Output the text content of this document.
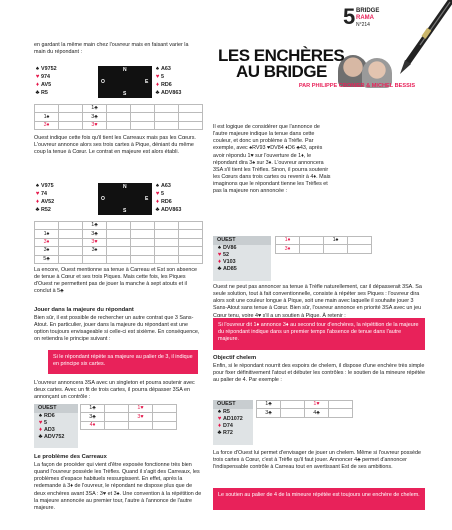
5 BRIDGE
RAMA
N°214
LES ENCHÈRES
AU BRIDGE
PAR PHILIPPE CRONIER & MICHEL BESSIS

en gardant la même main chez l'ouvreur mais en faisant varier la main du répondant :

♠ V9752
♥ 974
♦ AV5
♣ R5
N
O	E
S
♠ A63
♥ 5
♦ RD6
♣ ADV863
		1♣				
1♠		3♣				
3♦		3♥				

Ouest indique cette fois qu'il tient les Carreaux mais pas les Cœurs. L'ouvreur annonce alors ses trois cartes à Pique, déniant du même coup la tenue à Cœur. Le contrat en majeure est alors établi.

♠ V975
♥ 74
♦ AV52
♣ R52
N
O	E
S
♠ A63
♥ 5
♦ RD6
♣ ADV863
		1♣				
1♠		3♣				
3♦		3♥				
3♠		3♠				
5♣						

La encore, Ouest mentionne sa tenue à Carreau et Est son absence de tenue à Cœur et ses trois Piques. Mais cette fois, les Piques d'Ouest ne permettent pas de jouer la manche à sept atouts et il conclut à 5♣

Jouer dans la majeure du répondant

Bien sûr, il est possible de rechercher un autre contrat que 3 Sans-Atout. En particulier, jouer dans la majeure du répondant est une option toujours envisageable si celle-ci est sixième. En conséquence, on retiendra le principe suivant :

Si le répondant répète sa majeure au palier de 3, il indique en principe six cartes.

L'ouvreur annoncera 3SA avec un singleton et pourra soutenir avec deux cartes. Avec un fit de trois cartes, il pourra dépasser 3SA en annonçant un contrôle :

OUEST
♠ RD6
♥ 5
♦ AD3
♣ ADV752
1♣		1♥	
3♣		3♥	
4♦			
Le problème des Carreaux

La façon de procéder qui vient d'être exposée fonctionne très bien quand l'ouvreur possède les Trèfles. Quand il s'agit des Carreaux, les problèmes d'espace habituels ressurgissent. En effet, après la redemande à 3♦ de l'ouvreur, le répondant ne dispose plus que de deux enchères avant 3SA : 3♥ et 3♠. Une convention à la répétition de la majeure annoncée au premier tour, l'autre à l'annonce de l'autre majeure.

Il est logique de considérer que l'annonce de l'autre majeure indique la tenue dans cette couleur, et donc un problème à Trèfle. Par exemple, avec ♠RV93 ♥DV84 ♦D6 ♣43, après avoir répondu 1♥ sur l'ouverture de 1♦, le répondant dira 3♠ sur 3♦. L'ouvreur annoncera 3SA s'il tient les Trèfles. Sinon, il pourra soutenir les Cœurs dans trois cartes ou revenir à 4♦. Mais imaginons que le répondant tienne les Trèfles et pas la majeure non annoncée :

OUEST
♠ DV86
♥ 52
♦ V103
♣ AD85
1♦		1♠	
3♦			

Ouest ne peut pas annoncer sa tenue à Trèfle naturellement, car il dépasserait 3SA. Sa seule solution, tout à fait conventionnelle, consiste à répéter ses Piques : l'ouvreur dira alors soit une couleur longue à Pique, soit une main avec laquelle il souhaite jouer 3 Sans-Atout sans tenue à Cœur. Bien sûr, l'ouvreur annonce en priorité 3SA avec un jeu Cœur tenu, voire 4♥ s'il a un soutien à Pique. À retenir :

Si l'ouvreur dit 1♦ annonce 3♦ au second tour d'enchères, la répétition de la majeure du répondant indique dans un premier temps l'absence de tenue dans l'autre majeure.
Objectif chelem

Enfin, si le répondant nourrit des espoirs de chelem, il dispose d'une enchère très simple pour fixer définitivement l'atout et débuter les contrôles : le soutien de la mineure répétée au palier de 4. Par exemple :

OUEST
♠ R5
♥ AD1072
♦ D74
♣ R72
1♣		1♥	
3♣		4♣	

La force d'Ouest lui permet d'envisager de jouer un chelem. Même si l'ouvreur possède trois cartes à Cœur, c'est à Trèfle qu'il faut jouer. Annoncer 4♣ permet d'annoncer l'indispensable contrôle à Carreau tout en avertissant Est de ses ambitions.

Le soutien au palier de 4 de la mineure répétée est toujours une enchère de chelem.
